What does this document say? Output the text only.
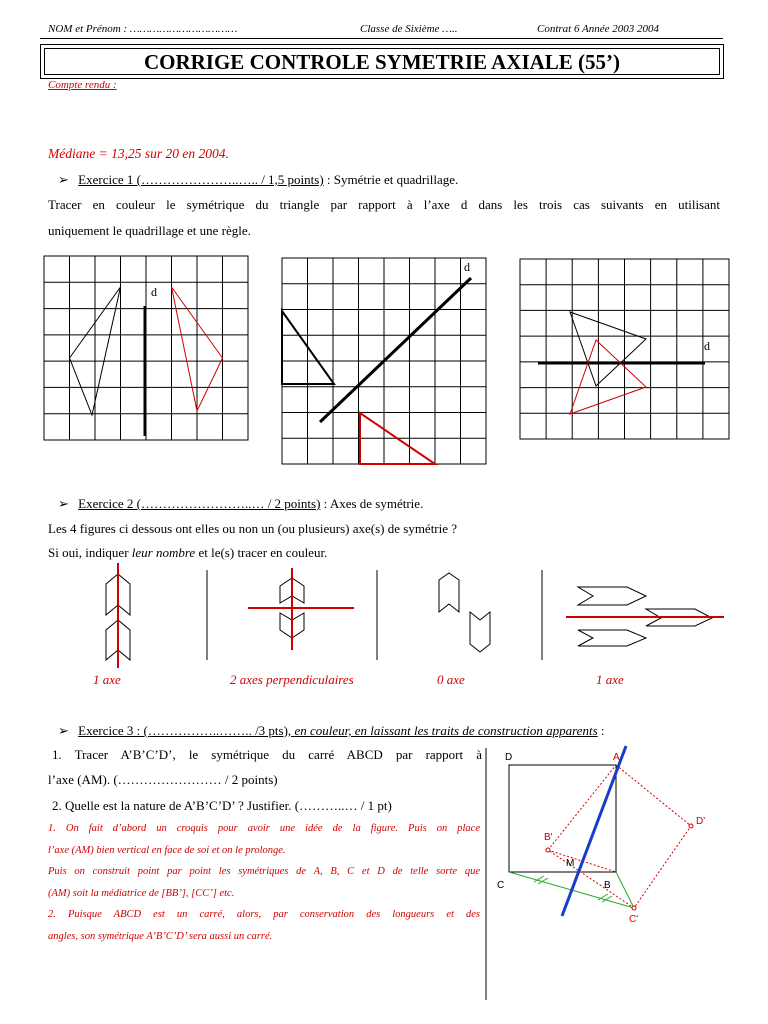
NOM et Prénom : ……………………………	Classe de Sixième …..	Contrat 6 Année 2003 2004
CORRIGE CONTROLE SYMETRIE AXIALE (55’)
Compte rendu :
Médiane = 13,25 sur 20 en 2004.
➢ Exercice 1 (…………………..….. / 1,5 points) : Symétrie et quadrillage.
Tracer en couleur le symétrique du triangle par rapport à l’axe d dans les trois cas suivants en utilisant
uniquement le quadrillage et une règle.
d
d
d
➢ Exercice 2 (……………………..… / 2 points) : Axes de symétrie.
Les 4 figures ci dessous ont elles ou non un (ou plusieurs) axe(s) de symétrie ?
Si oui, indiquer leur nombre et le(s) tracer en couleur.
1 axe	2 axes perpendiculaires	0 axe	1 axe
➢ Exercice 3 : (……………..…….. /3 pts), en couleur, en laissant les traits de construction apparents :
1. Tracer A’B’C’D’, le symétrique du carré ABCD par rapport à
l’axe (AM). (…………………… / 2 points)
2. Quelle est la nature de A’B’C’D’ ? Justifier. (………..… / 1 pt)
1. On fait d’abord un croquis pour avoir une idée de la figure. Puis on place
l’axe (AM) bien vertical en face de soi et on le prolonge.
Puis on construit point par point les symétriques de A, B, C et D de telle sorte que
(AM) soit la médiatrice de [BB’], [CC’] etc.
2. Puisque ABCD est un carré, alors, par conservation des longueurs et des
angles, son symétrique A’B’C’D’ sera aussi un carré.
D	A
D'
B'
M
C	B
C'
